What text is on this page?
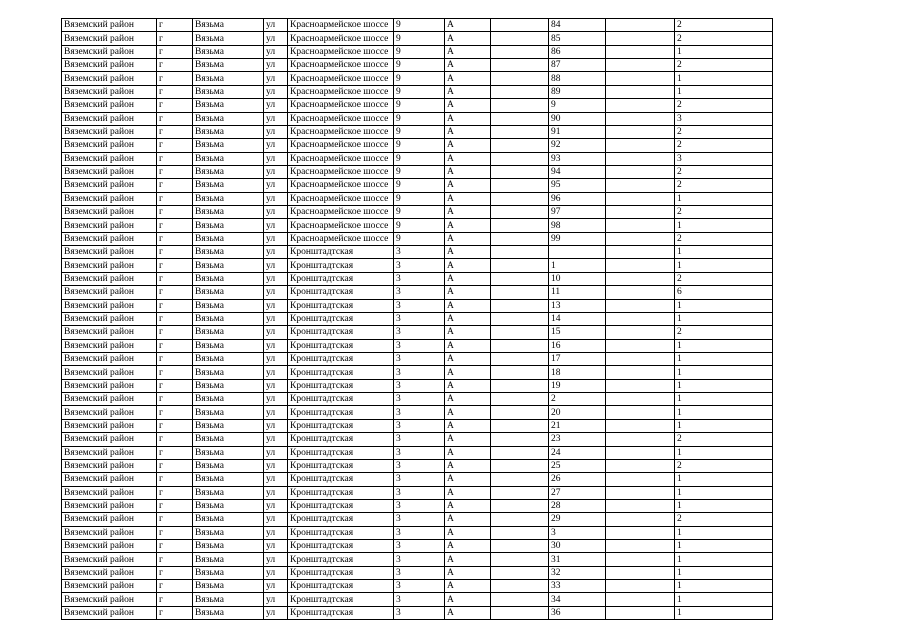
Вяземский район	г	Вязьма	ул	Красноармейское шоссе	9	А		84		2
Вяземский район	г	Вязьма	ул	Красноармейское шоссе	9	А		85		2
Вяземский район	г	Вязьма	ул	Красноармейское шоссе	9	А		86		1
Вяземский район	г	Вязьма	ул	Красноармейское шоссе	9	А		87		2
Вяземский район	г	Вязьма	ул	Красноармейское шоссе	9	А		88		1
Вяземский район	г	Вязьма	ул	Красноармейское шоссе	9	А		89		1
Вяземский район	г	Вязьма	ул	Красноармейское шоссе	9	А		9		2
Вяземский район	г	Вязьма	ул	Красноармейское шоссе	9	А		90		3
Вяземский район	г	Вязьма	ул	Красноармейское шоссе	9	А		91		2
Вяземский район	г	Вязьма	ул	Красноармейское шоссе	9	А		92		2
Вяземский район	г	Вязьма	ул	Красноармейское шоссе	9	А		93		3
Вяземский район	г	Вязьма	ул	Красноармейское шоссе	9	А		94		2
Вяземский район	г	Вязьма	ул	Красноармейское шоссе	9	А		95		2
Вяземский район	г	Вязьма	ул	Красноармейское шоссе	9	А		96		1
Вяземский район	г	Вязьма	ул	Красноармейское шоссе	9	А		97		2
Вяземский район	г	Вязьма	ул	Красноармейское шоссе	9	А		98		1
Вяземский район	г	Вязьма	ул	Красноармейское шоссе	9	А		99		2
Вяземский район	г	Вязьма	ул	Кронштадтская	3	А				1
Вяземский район	г	Вязьма	ул	Кронштадтская	3	А		1		1
Вяземский район	г	Вязьма	ул	Кронштадтская	3	А		10		2
Вяземский район	г	Вязьма	ул	Кронштадтская	3	А		11		6
Вяземский район	г	Вязьма	ул	Кронштадтская	3	А		13		1
Вяземский район	г	Вязьма	ул	Кронштадтская	3	А		14		1
Вяземский район	г	Вязьма	ул	Кронштадтская	3	А		15		2
Вяземский район	г	Вязьма	ул	Кронштадтская	3	А		16		1
Вяземский район	г	Вязьма	ул	Кронштадтская	3	А		17		1
Вяземский район	г	Вязьма	ул	Кронштадтская	3	А		18		1
Вяземский район	г	Вязьма	ул	Кронштадтская	3	А		19		1
Вяземский район	г	Вязьма	ул	Кронштадтская	3	А		2		1
Вяземский район	г	Вязьма	ул	Кронштадтская	3	А		20		1
Вяземский район	г	Вязьма	ул	Кронштадтская	3	А		21		1
Вяземский район	г	Вязьма	ул	Кронштадтская	3	А		23		2
Вяземский район	г	Вязьма	ул	Кронштадтская	3	А		24		1
Вяземский район	г	Вязьма	ул	Кронштадтская	3	А		25		2
Вяземский район	г	Вязьма	ул	Кронштадтская	3	А		26		1
Вяземский район	г	Вязьма	ул	Кронштадтская	3	А		27		1
Вяземский район	г	Вязьма	ул	Кронштадтская	3	А		28		1
Вяземский район	г	Вязьма	ул	Кронштадтская	3	А		29		2
Вяземский район	г	Вязьма	ул	Кронштадтская	3	А		3		1
Вяземский район	г	Вязьма	ул	Кронштадтская	3	А		30		1
Вяземский район	г	Вязьма	ул	Кронштадтская	3	А		31		1
Вяземский район	г	Вязьма	ул	Кронштадтская	3	А		32		1
Вяземский район	г	Вязьма	ул	Кронштадтская	3	А		33		1
Вяземский район	г	Вязьма	ул	Кронштадтская	3	А		34		1
Вяземский район	г	Вязьма	ул	Кронштадтская	3	А		36		1
